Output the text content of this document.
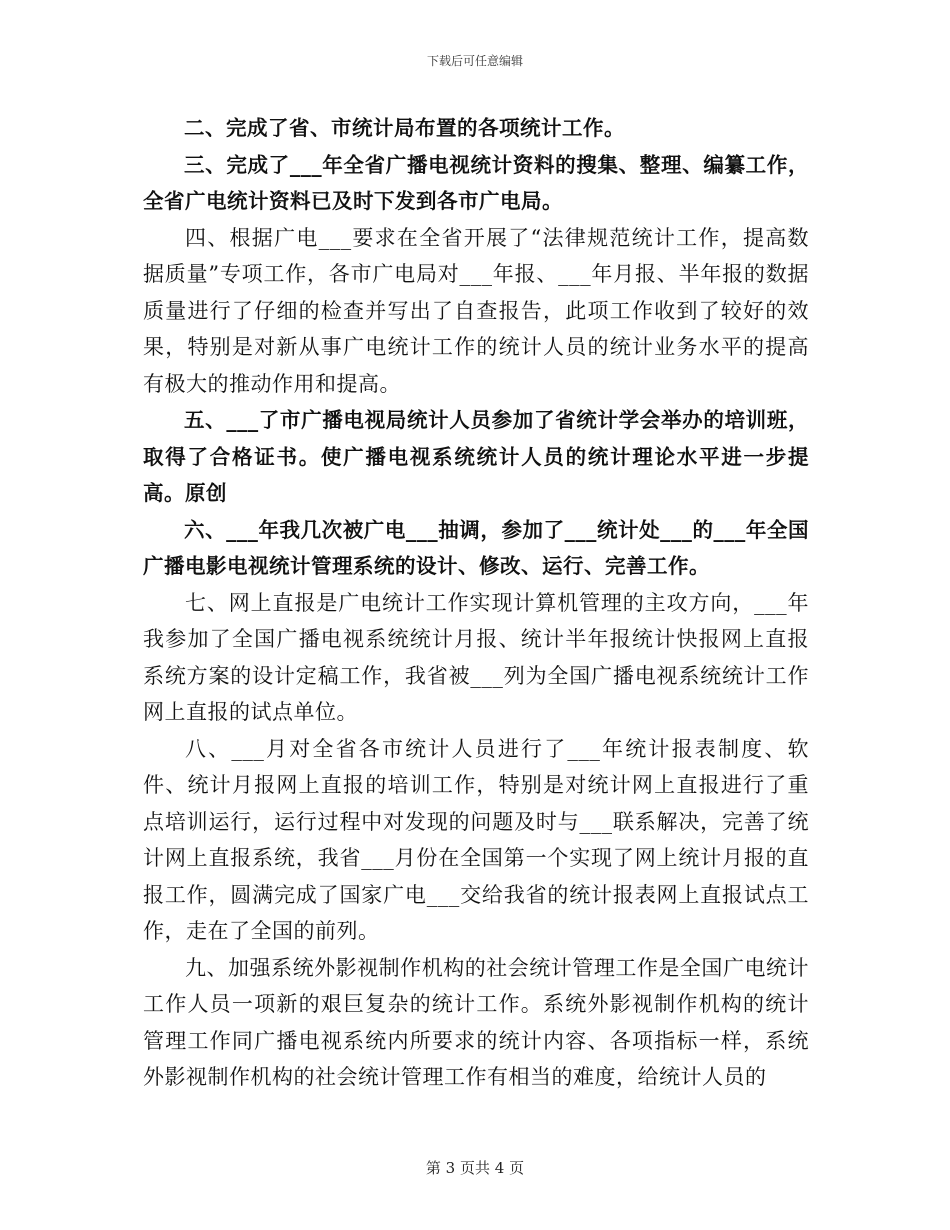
下载后可任意编辑

二、完成了省、市统计局布置的各项统计工作。

三、完成了___年全省广播电视统计资料的搜集、整理、编纂工作，全省广电统计资料已及时下发到各市广电局。

四、根据广电___要求在全省开展了“法律规范统计工作，提高数据质量”专项工作，各市广电局对___年报、___年月报、半年报的数据质量进行了仔细的检查并写出了自查报告，此项工作收到了较好的效果，特别是对新从事广电统计工作的统计人员的统计业务水平的提高有极大的推动作用和提高。

五、___了市广播电视局统计人员参加了省统计学会举办的培训班，取得了合格证书。使广播电视系统统计人员的统计理论水平进一步提高。原创

六、___年我几次被广电___抽调，参加了___统计处___的___年全国广播电影电视统计管理系统的设计、修改、运行、完善工作。

七、网上直报是广电统计工作实现计算机管理的主攻方向，___年我参加了全国广播电视系统统计月报、统计半年报统计快报网上直报系统方案的设计定稿工作，我省被___列为全国广播电视系统统计工作网上直报的试点单位。

八、___月对全省各市统计人员进行了___年统计报表制度、软件、统计月报网上直报的培训工作，特别是对统计网上直报进行了重点培训运行，运行过程中对发现的问题及时与___联系解决，完善了统计网上直报系统，我省___月份在全国第一个实现了网上统计月报的直报工作，圆满完成了国家广电___交给我省的统计报表网上直报试点工作，走在了全国的前列。

九、加强系统外影视制作机构的社会统计管理工作是全国广电统计工作人员一项新的艰巨复杂的统计工作。系统外影视制作机构的统计管理工作同广播电视系统内所要求的统计内容、各项指标一样，系统外影视制作机构的社会统计管理工作有相当的难度，给统计人员的

第 3 页共 4 页
